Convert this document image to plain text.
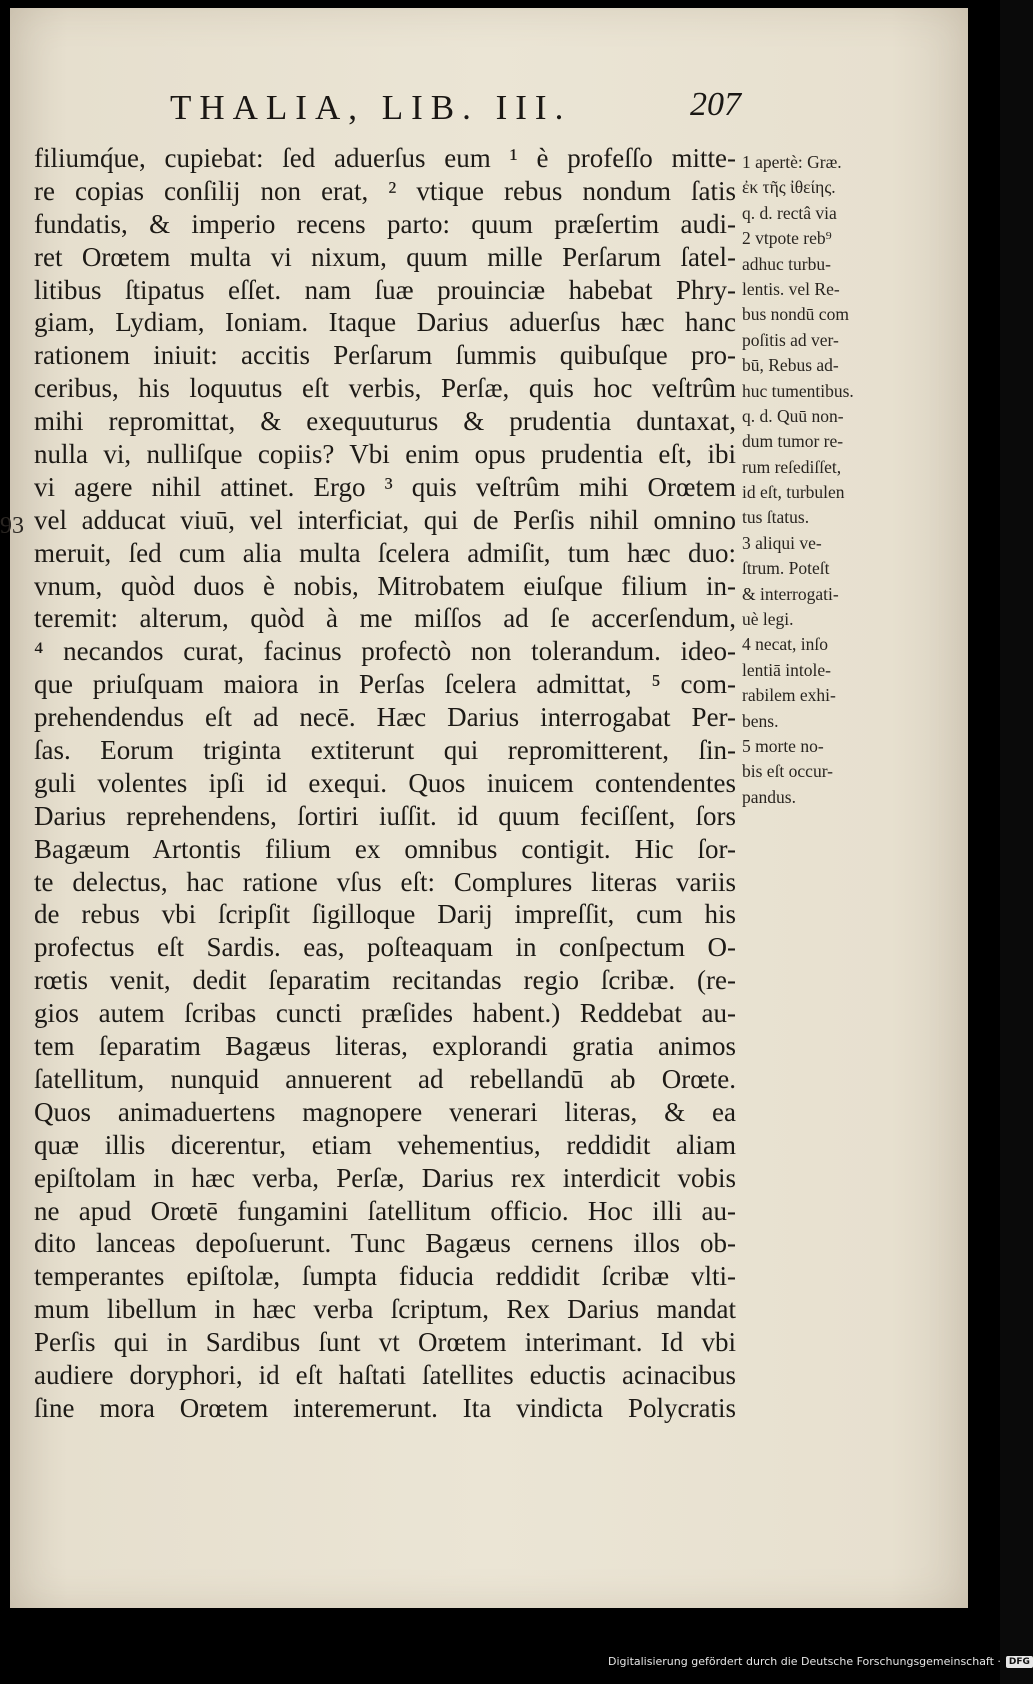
THALIA, LIB. III.	207
93
filiumq́ue, cupiebat: ſed aduerſus eum ¹ è profeſſo mitte-
re copias conſilij non erat, ² vtique rebus nondum ſatis
fundatis, & imperio recens parto: quum præſertim audi-
ret Orœtem multa vi nixum, quum mille Perſarum ſatel-
litibus ſtipatus eſſet. nam ſuæ prouinciæ habebat Phry-
giam, Lydiam, Ioniam. Itaque Darius aduerſus hæc hanc
rationem iniuit: accitis Perſarum ſummis quibuſque pro-
ceribus, his loquutus eſt verbis, Perſæ, quis hoc veſtrûm
mihi repromittat, & exequuturus & prudentia duntaxat,
nulla vi, nulliſque copiis? Vbi enim opus prudentia eſt, ibi
vi agere nihil attinet. Ergo ³ quis veſtrûm mihi Orœtem
vel adducat viuū, vel interficiat, qui de Perſis nihil omnino
meruit, ſed cum alia multa ſcelera admiſit, tum hæc duo:
vnum, quòd duos è nobis, Mitrobatem eiuſque filium in-
teremit: alterum, quòd à me miſſos ad ſe accerſendum,
⁴ necandos curat, facinus profectò non tolerandum. ideo-
que priuſquam maiora in Perſas ſcelera admittat, ⁵ com-
prehendendus eſt ad necē. Hæc Darius interrogabat Per-
ſas. Eorum triginta extiterunt qui repromitterent, ſin-
guli volentes ipſi id exequi. Quos inuicem contendentes
Darius reprehendens, ſortiri iuſſit. id quum feciſſent, ſors
Bagæum Artontis filium ex omnibus contigit. Hic ſor-
te delectus, hac ratione vſus eſt: Complures literas variis
de rebus vbi ſcripſit ſigilloque Darij impreſſit, cum his
profectus eſt Sardis. eas, poſteaquam in conſpectum O-
rœtis venit, dedit ſeparatim recitandas regio ſcribæ. (re-
gios autem ſcribas cuncti præſides habent.) Reddebat au-
tem ſeparatim Bagæus literas, explorandi gratia animos
ſatellitum, nunquid annuerent ad rebellandū ab Orœte.
Quos animaduertens magnopere venerari literas, & ea
quæ illis dicerentur, etiam vehementius, reddidit aliam
epiſtolam in hæc verba, Perſæ, Darius rex interdicit vobis
ne apud Orœtē fungamini ſatellitum officio. Hoc illi au-
dito lanceas depoſuerunt. Tunc Bagæus cernens illos ob-
temperantes epiſtolæ, ſumpta fiducia reddidit ſcribæ vlti-
mum libellum in hæc verba ſcriptum, Rex Darius mandat
Perſis qui in Sardibus ſunt vt Orœtem interimant. Id vbi
audiere doryphori, id eſt haſtati ſatellites eductis acinacibus
ſine mora Orœtem interemerunt. Ita vindicta Polycratis
1 apertè: Græ.
ἐκ τῆς ἰθείης.
q. d. rectâ via
2 vtpote reb⁹
adhuc turbu-
lentis. vel Re-
bus nondū com
poſitis ad ver-
bū, Rebus ad-
huc tumentibus.
q. d. Quū non-
dum tumor re-
rum reſediſſet,
id eſt, turbulen
tus ſtatus.
3 aliqui ve-
ſtrum. Poteſt
& interrogati-
uè legi.
4 necat, inſo
lentiā intole-
rabilem exhi-
bens.
5 morte no-
bis eſt occur-
pandus.
Digitalisierung gefördert durch die Deutsche Forschungsgemeinschaft · DFG
